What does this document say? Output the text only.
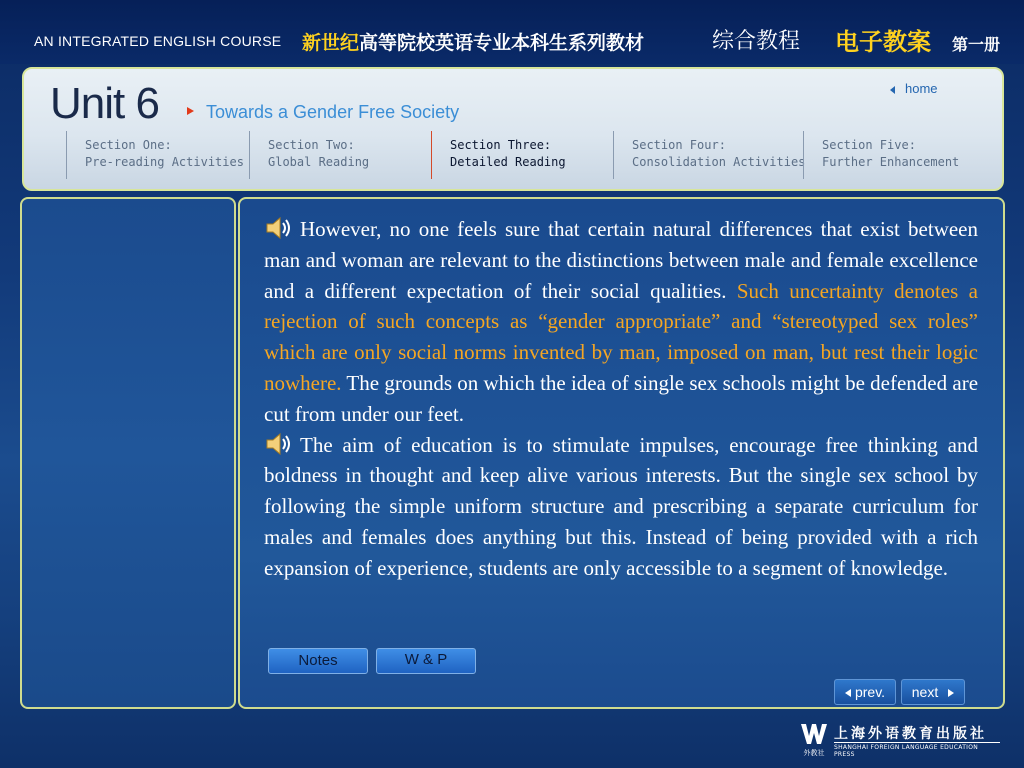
AN INTEGRATED ENGLISH COURSE 新世纪高等院校英语专业本科生系列教材	综合教程 电子教案 第一册
Unit 6	Towards a Gender Free Society
home
Section One:
Pre-reading Activities
Section Two:
Global Reading
Section Three:
Detailed Reading
Section Four:
Consolidation Activities
Section Five:
Further Enhancement

However, no one feels sure that certain natural differences that exist between man and woman are relevant to the distinctions between male and female excellence and a different expectation of their social qualities. Such uncertainty denotes a rejection of such concepts as “gender appropriate” and “stereotyped sex roles” which are only social norms invented by man, imposed on man, but rest their logic nowhere. The grounds on which the idea of single sex schools might be defended are cut from under our feet.

The aim of education is to stimulate impulses, encourage free thinking and boldness in thought and keep alive various interests. But the single sex school by following the simple uniform structure and prescribing a separate curriculum for males and females does anything but this. Instead of being provided with a rich expansion of experience, students are only accessible to a segment of knowledge.

Notes	W & P
prev.	next
外教社
上海外语教育出版社
SHANGHAI FOREIGN LANGUAGE EDUCATION PRESS
